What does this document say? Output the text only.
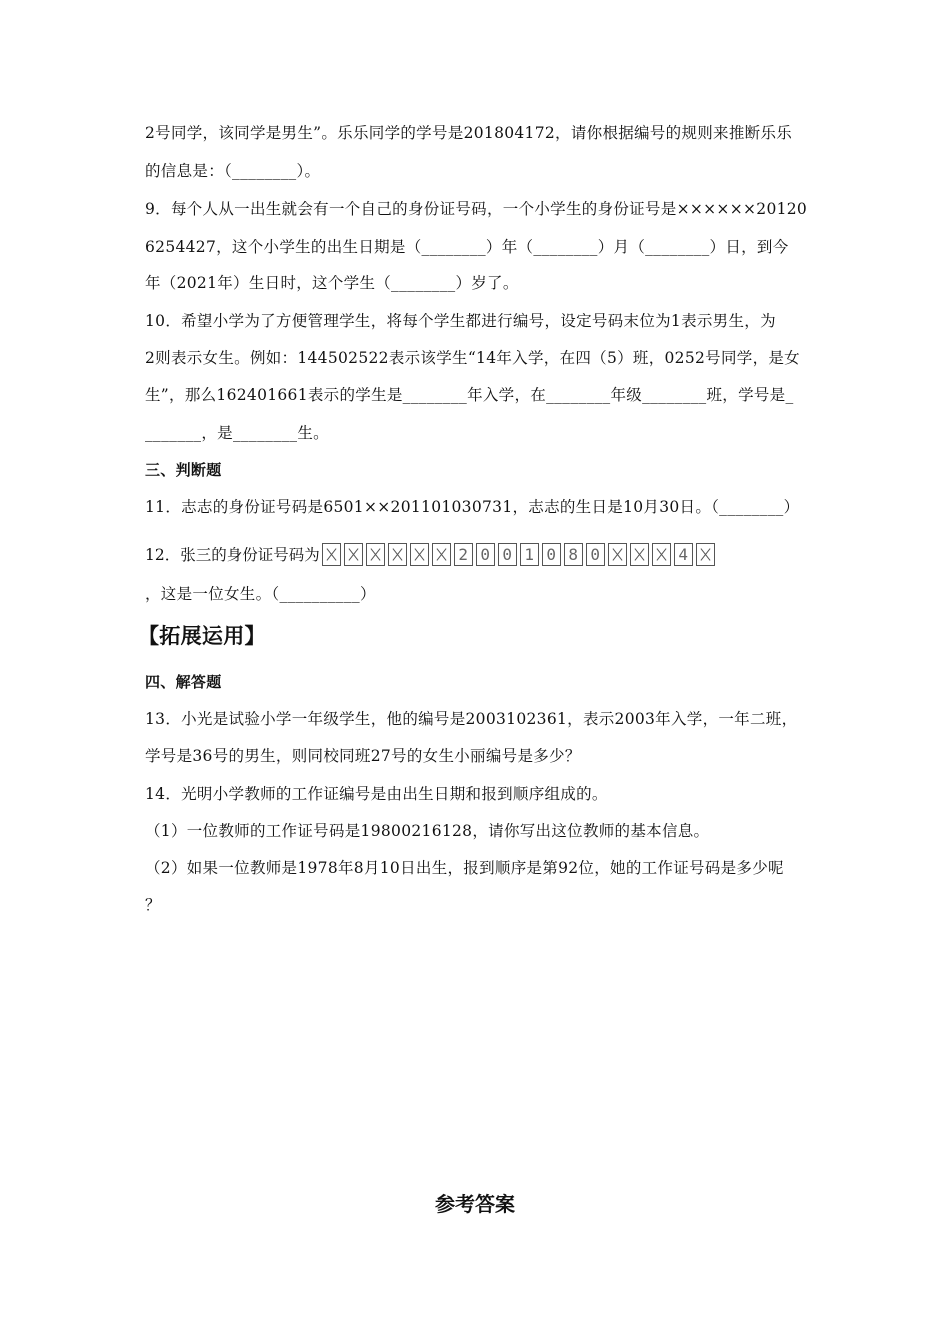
2号同学，该同学是男生”。乐乐同学的学号是201804172，请你根据编号的规则来推断乐乐
的信息是：（________）。
9．每个人从一出生就会有一个自己的身份证号码，一个小学生的身份证号是××××××20120
6254427，这个小学生的出生日期是（________）年（________）月（________）日，到今
年（2021年）生日时，这个学生（________）岁了。
10．希望小学为了方便管理学生，将每个学生都进行编号，设定号码末位为1表示男生，为
2则表示女生。例如：144502522表示该学生“14年入学，在四（5）班，0252号同学，是女
生”，那么162401661表示的学生是________年入学，在________年级________班，学号是_
_______，是________生。
三、判断题
11．志志的身份证号码是6501××201101030731，志志的生日是10月30日。（________）
12．张三的身份证号码为	2 0 0 1 0 8 0	4
，这是一位女生。（__________）
【拓展运用】
四、解答题
13．小光是试验小学一年级学生，他的编号是2003102361，表示2003年入学，一年二班，
学号是36号的男生，则同校同班27号的女生小丽编号是多少？
14．光明小学教师的工作证编号是由出生日期和报到顺序组成的。
（1）一位教师的工作证号码是19800216128，请你写出这位教师的基本信息。
（2）如果一位教师是1978年8月10日出生，报到顺序是第92位，她的工作证号码是多少呢
？
参考答案
